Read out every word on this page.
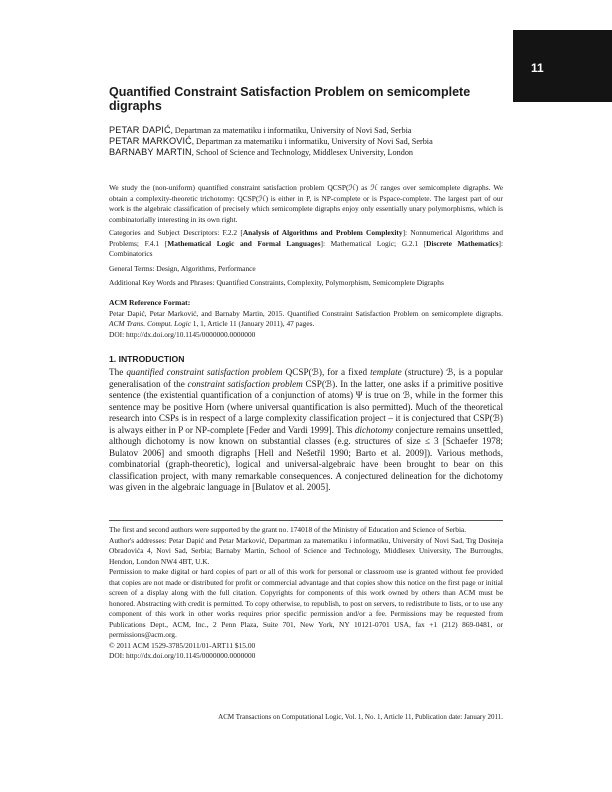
11
Quantified Constraint Satisfaction Problem on semicomplete digraphs
PETAR DAPIĆ, Departman za matematiku i informatiku, University of Novi Sad, Serbia
PETAR MARKOVIĆ, Departman za matematiku i informatiku, University of Novi Sad, Serbia
BARNABY MARTIN, School of Science and Technology, Middlesex University, London

We study the (non-uniform) quantified constraint satisfaction problem QCSP(ℋ) as ℋ ranges over semicomplete digraphs. We obtain a complexity-theoretic trichotomy: QCSP(ℋ) is either in P, is NP-complete or is Pspace-complete. The largest part of our work is the algebraic classification of precisely which semicomplete digraphs enjoy only essentially unary polymorphisms, which is combinatorially interesting in its own right.

Categories and Subject Descriptors: F.2.2 [Analysis of Algorithms and Problem Complexity]: Nonnumerical Algorithms and Problems; F.4.1 [Mathematical Logic and Formal Languages]: Mathematical Logic; G.2.1 [Discrete Mathematics]: Combinatorics

General Terms: Design, Algorithms, Performance

Additional Key Words and Phrases: Quantified Constraints, Complexity, Polymorphism, Semicomplete Digraphs

ACM Reference Format:

Petar Dapić, Petar Marković, and Barnaby Martin, 2015. Quantified Constraint Satisfaction Problem on semicomplete digraphs. ACM Trans. Comput. Logic 1, 1, Article 11 (January 2011), 47 pages.

DOI: http://dx.doi.org/10.1145/0000000.0000000

1. INTRODUCTION

The quantified constraint satisfaction problem QCSP(ℬ), for a fixed template (structure) ℬ, is a popular generalisation of the constraint satisfaction problem CSP(ℬ). In the latter, one asks if a primitive positive sentence (the existential quantification of a conjunction of atoms) Ψ is true on ℬ, while in the former this sentence may be positive Horn (where universal quantification is also permitted). Much of the theoretical research into CSPs is in respect of a large complexity classification project – it is conjectured that CSP(ℬ) is always either in P or NP-complete [Feder and Vardi 1999]. This dichotomy conjecture remains unsettled, although dichotomy is now known on substantial classes (e.g. structures of size ≤ 3 [Schaefer 1978; Bulatov 2006] and smooth digraphs [Hell and Nešetřil 1990; Barto et al. 2009]). Various methods, combinatorial (graph-theoretic), logical and universal-algebraic have been brought to bear on this classification project, with many remarkable consequences. A conjectured delineation for the dichotomy was given in the algebraic language in [Bulatov et al. 2005].

The first and second authors were supported by the grant no. 174018 of the Ministry of Education and Science of Serbia.

Author's addresses: Petar Dapić and Petar Marković, Departman za matematiku i informatiku, University of Novi Sad, Trg Dositeja Obradovića 4, Novi Sad, Serbia; Barnaby Martin, School of Science and Technology, Middlesex University, The Burroughs, Hendon, London NW4 4BT, U.K.

Permission to make digital or hard copies of part or all of this work for personal or classroom use is granted without fee provided that copies are not made or distributed for profit or commercial advantage and that copies show this notice on the first page or initial screen of a display along with the full citation. Copyrights for components of this work owned by others than ACM must be honored. Abstracting with credit is permitted. To copy otherwise, to republish, to post on servers, to redistribute to lists, or to use any component of this work in other works requires prior specific permission and/or a fee. Permissions may be requested from Publications Dept., ACM, Inc., 2 Penn Plaza, Suite 701, New York, NY 10121-0701 USA, fax +1 (212) 869-0481, or permissions@acm.org.

© 2011 ACM 1529-3785/2011/01-ART11 $15.00

DOI: http://dx.doi.org/10.1145/0000000.0000000

ACM Transactions on Computational Logic, Vol. 1, No. 1, Article 11, Publication date: January 2011.
